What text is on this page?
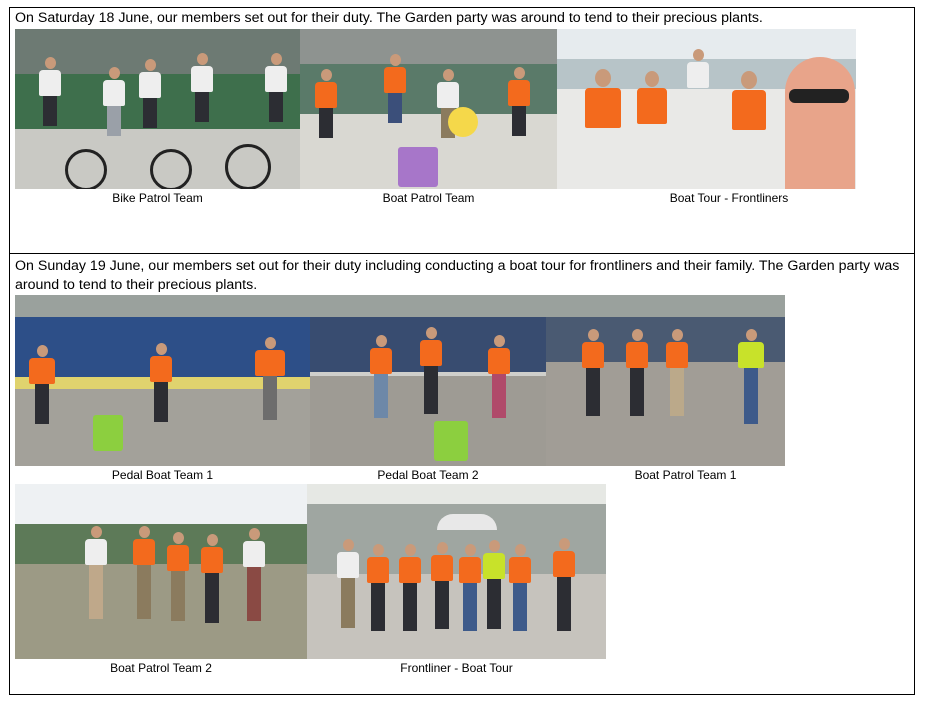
On Saturday 18 June, our members set out for their duty. The Garden party was around to tend to their precious plants.

Bike Patrol Team	Boat Patrol Team	Boat Tour - Frontliners

On Sunday 19 June, our members set out for their duty including conducting a boat tour for frontliners and their family. The Garden party was around to tend to their precious plants.

Pedal Boat Team 1	Pedal Boat Team 2	Boat Patrol Team 1
Boat Patrol Team 2	Frontliner - Boat Tour
